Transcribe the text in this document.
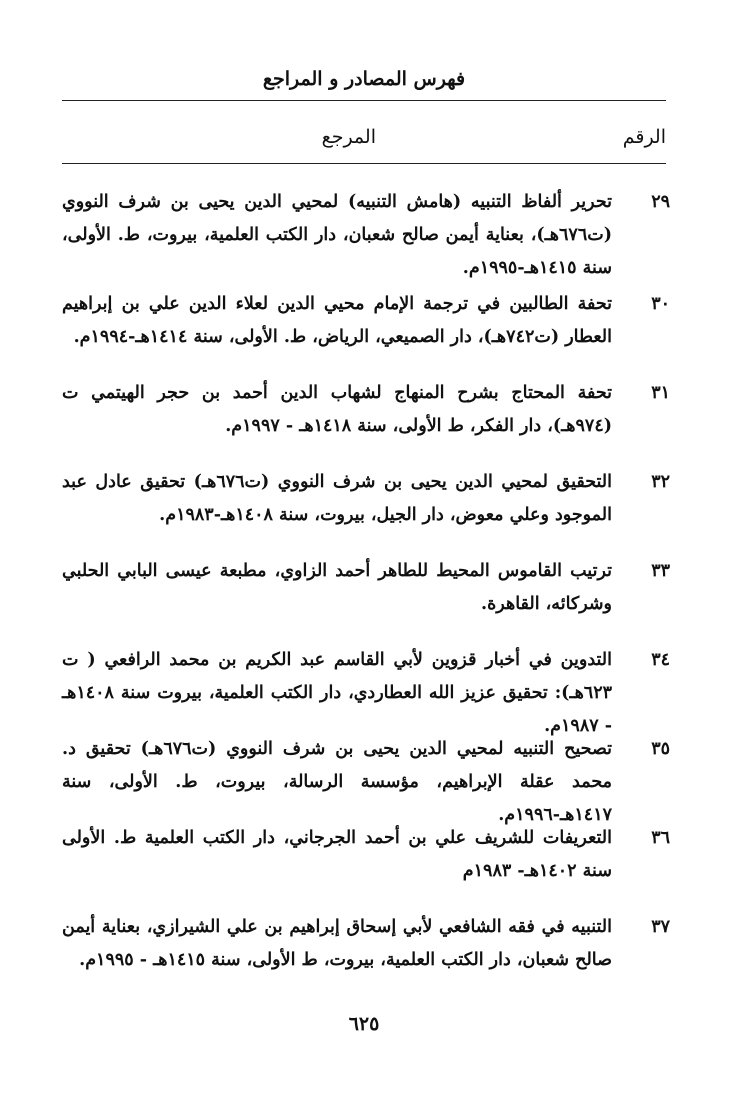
فهرس المصادر و المراجع
الرقم
المرجع
٢٩
تحرير ألفاظ التنبيه (هامش التنبيه) لمحيي الدين يحيى بن شرف النووي (ت٦٧٦هـ)، بعناية أيمن صالح شعبان، دار الكتب العلمية، بيروت، ط. الأولى، سنة ١٤١٥هـ-١٩٩٥م.
٣٠
تحفة الطالبين في ترجمة الإمام محيي الدين لعلاء الدين علي بن إبراهيم العطار (ت٧٤٢هـ)، دار الصميعي، الرياض، ط. الأولى، سنة ١٤١٤هـ-١٩٩٤م.
٣١
تحفة المحتاج بشرح المنهاج لشهاب الدين أحمد بن حجر الهيتمي ت (٩٧٤هـ)، دار الفكر، ط الأولى، سنة ١٤١٨هـ - ١٩٩٧م.
٣٢
التحقيق لمحيي الدين يحيى بن شرف النووي (ت٦٧٦هـ) تحقيق عادل عبد الموجود وعلي معوض، دار الجيل، بيروت، سنة ١٤٠٨هـ-١٩٨٣م.
٣٣
ترتيب القاموس المحيط للطاهر أحمد الزاوي، مطبعة عيسى البابي الحلبي وشركائه، القاهرة.
٣٤
التدوين في أخبار قزوين لأبي القاسم عبد الكريم بن محمد الرافعي ( ت ٦٢٣هـ): تحقيق عزيز الله العطاردي، دار الكتب العلمية، بيروت سنة ١٤٠٨هـ - ١٩٨٧م.
٣٥
تصحيح التنبيه لمحيي الدين يحيى بن شرف النووي (ت٦٧٦هـ) تحقيق د. محمد عقلة الإبراهيم، مؤسسة الرسالة، بيروت، ط. الأولى، سنة ١٤١٧هـ-١٩٩٦م.
٣٦
التعريفات للشريف علي بن أحمد الجرجاني، دار الكتب العلمية ط. الأولى سنة ١٤٠٢هـ- ١٩٨٣م
٣٧
التنبيه في فقه الشافعي لأبي إسحاق إبراهيم بن علي الشيرازي، بعناية أيمن صالح شعبان، دار الكتب العلمية، بيروت، ط الأولى، سنة ١٤١٥هـ - ١٩٩٥م.
٦٢٥
